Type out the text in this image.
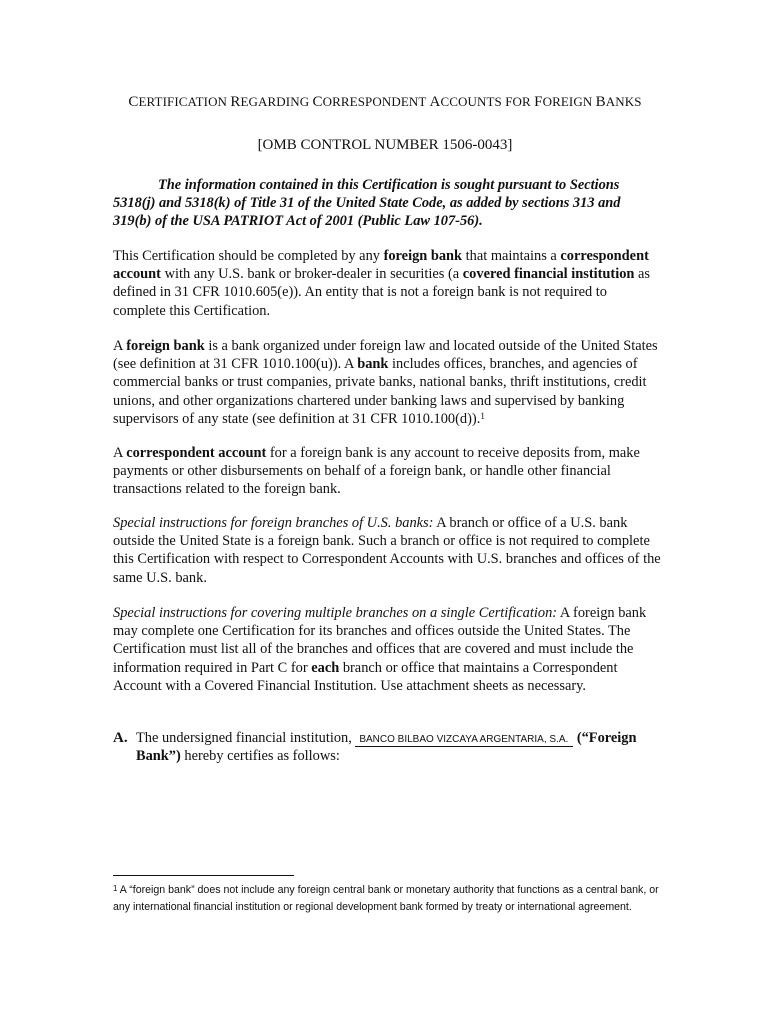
CERTIFICATION REGARDING CORRESPONDENT ACCOUNTS FOR FOREIGN BANKS
[OMB CONTROL NUMBER 1506-0043]
The information contained in this Certification is sought pursuant to Sections 5318(j) and 5318(k) of Title 31 of the United State Code, as added by sections 313 and 319(b) of the USA PATRIOT Act of 2001 (Public Law 107-56).
This Certification should be completed by any foreign bank that maintains a correspondent account with any U.S. bank or broker-dealer in securities (a covered financial institution as defined in 31 CFR 1010.605(e)). An entity that is not a foreign bank is not required to complete this Certification.
A foreign bank is a bank organized under foreign law and located outside of the United States (see definition at 31 CFR 1010.100(u)). A bank includes offices, branches, and agencies of commercial banks or trust companies, private banks, national banks, thrift institutions, credit unions, and other organizations chartered under banking laws and supervised by banking supervisors of any state (see definition at 31 CFR 1010.100(d)).$^1$
A correspondent account for a foreign bank is any account to receive deposits from, make payments or other disbursements on behalf of a foreign bank, or handle other financial transactions related to the foreign bank.
Special instructions for foreign branches of U.S. banks: A branch or office of a U.S. bank outside the United State is a foreign bank. Such a branch or office is not required to complete this Certification with respect to Correspondent Accounts with U.S. branches and offices of the same U.S. bank.
Special instructions for covering multiple branches on a single Certification: A foreign bank may complete one Certification for its branches and offices outside the United States. The Certification must list all of the branches and offices that are covered and must include the information required in Part C for each branch or office that maintains a Correspondent Account with a Covered Financial Institution. Use attachment sheets as necessary.
A. The undersigned financial institution, BANCO BILBAO VIZCAYA ARGENTARIA, S.A. (“Foreign Bank”) hereby certifies as follows:
$^1$ A “foreign bank” does not include any foreign central bank or monetary authority that functions as a central bank, or any international financial institution or regional development bank formed by treaty or international agreement.
